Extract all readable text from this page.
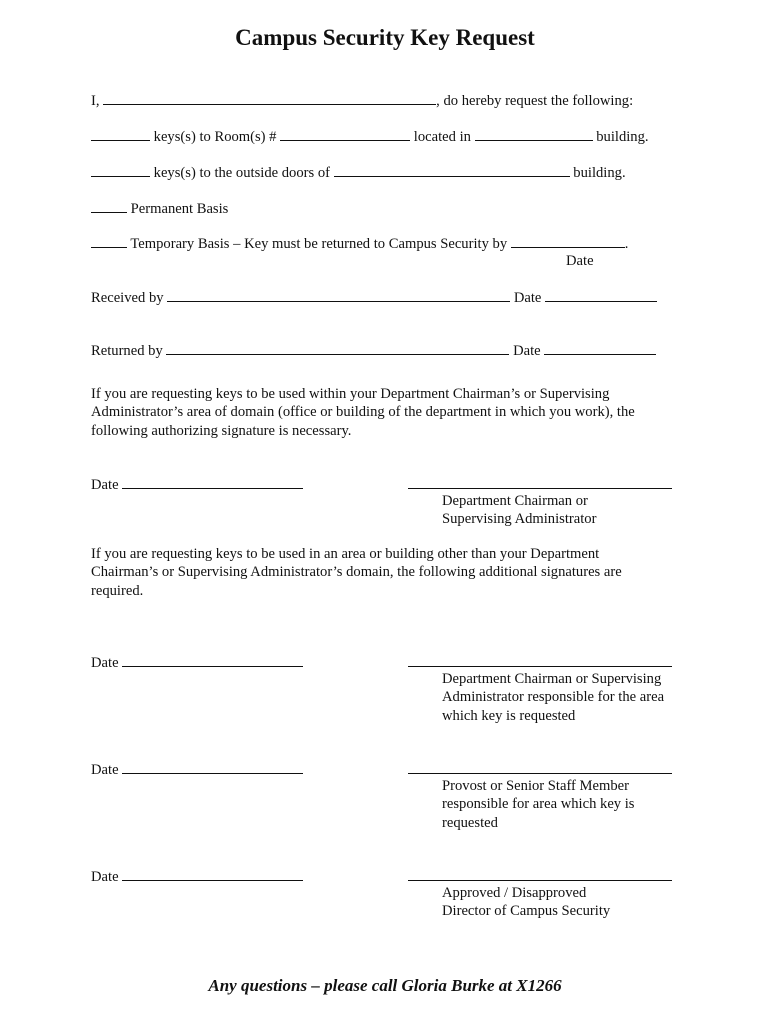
Campus Security Key Request
I,	, do hereby request the following:
keys(s) to Room(s) #	located in	building.
keys(s) to the outside doors of	building.
Permanent Basis
Temporary Basis – Key must be returned to Campus Security by	.
Date
Received by	Date
Returned by	Date
If you are requesting keys to be used within your Department Chairman’s or Supervising
Administrator’s area of domain (office or building of the department in which you work), the
following authorizing signature is necessary.
Date
Department Chairman or
Supervising Administrator
If you are requesting keys to be used in an area or building other than your Department
Chairman’s or Supervising Administrator’s domain, the following additional signatures are
required.
Date
Department Chairman or Supervising
Administrator responsible for the area
which key is requested
Date
Provost or Senior Staff Member
responsible for area which key is
requested
Date
Approved / Disapproved
Director of Campus Security
Any questions – please call Gloria Burke at X1266
